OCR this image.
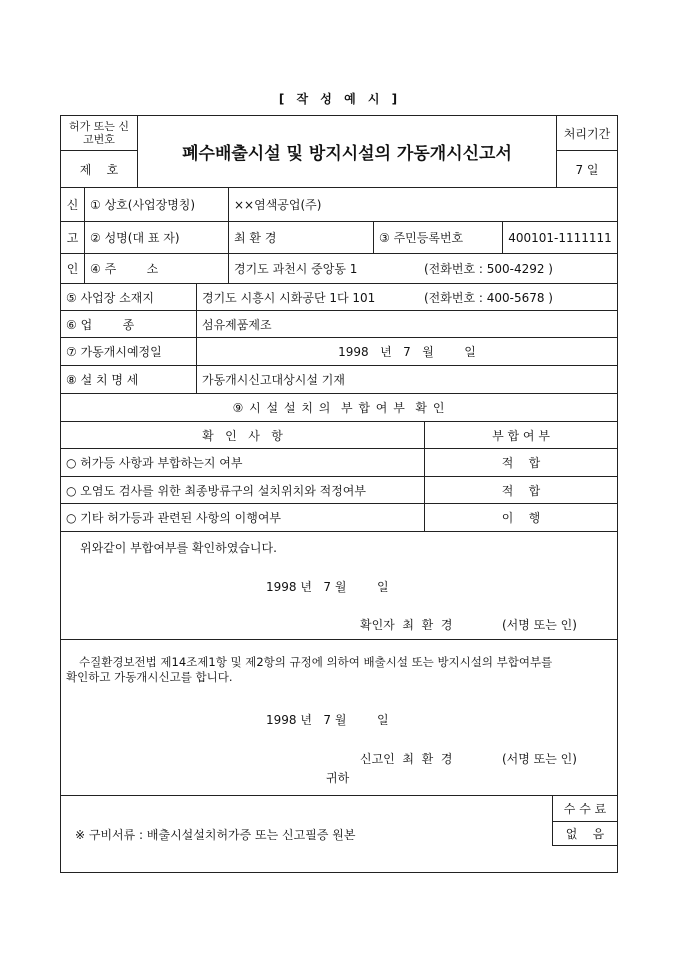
[ 작 성 예 시 ]
허가 또는 신고번호
제    호
폐수배출시설 및 방지시설의 가동개시신고서
처리기간
7 일
신
고
인
① 상호(사업장명칭)	××염색공업(주)
② 성명(대 표 자)	최 환 경	③ 주민등록번호	400101-1111111
④ 주        소	경기도 과천시 중앙동 1	(전화번호 : 500-4292 )
⑤ 사업장 소재지	경기도 시흥시 시화공단 1다 101	(전화번호 : 400-5678 )
⑥ 업        종	섬유제품제조
⑦ 가동개시예정일	1998   년   7   월        일
⑧ 설 치 명 세	가동개시신고대상시설 기재
⑨ 시 설 설 치 의  부 합 여 부  확 인
확   인   사   항	부 합 여 부
○ 허가등 사항과 부합하는지 여부	적    합
○ 오염도 검사를 위한 최종방류구의 설치위치와 적정여부	적    합
○ 기타 허가등과 관련된 사항의 이행여부	이    행
위와같이 부합여부를 확인하였습니다.
1998 년   7 월        일
확인자  최  환  경	(서명 또는 인)
수질환경보전법 제14조제1항 및 제2항의 규정에 의하여 배출시설 또는 방지시설의 부합여부를
확인하고 가동개시신고를 합니다.
1998 년   7 월        일
신고인  최  환  경	(서명 또는 인)
귀하
※ 구비서류 : 배출시설설치허가증 또는 신고필증 원본
수 수 료
없    음
